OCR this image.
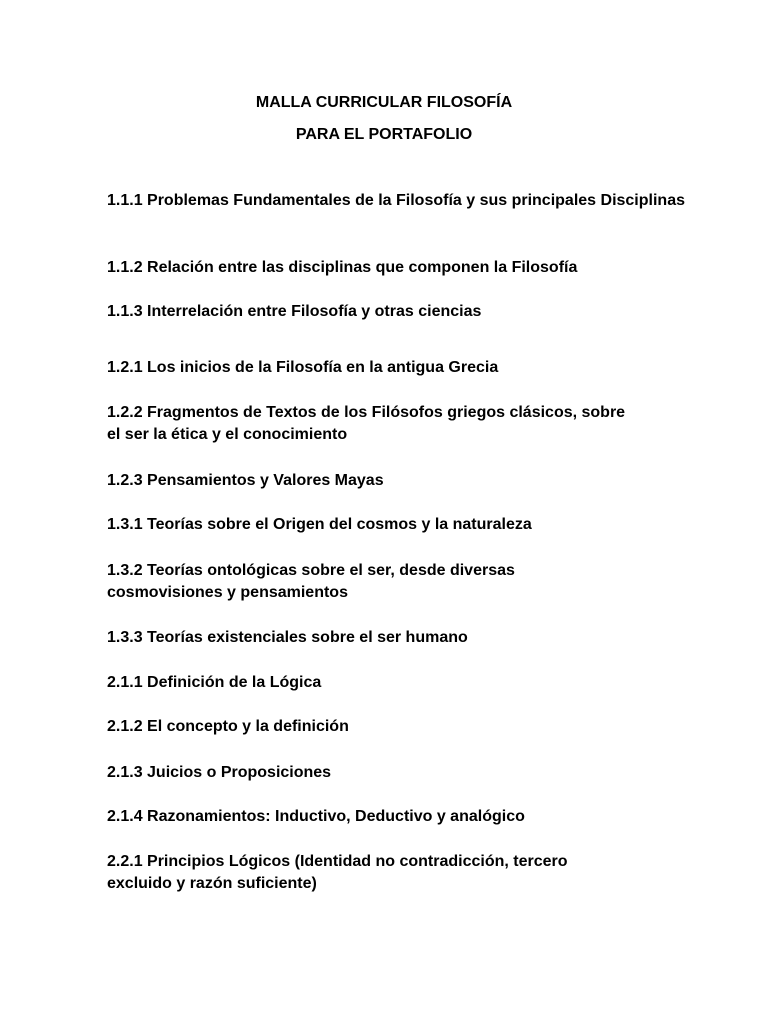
MALLA CURRICULAR FILOSOFÍA
PARA EL PORTAFOLIO
1.1.1 Problemas Fundamentales de la Filosofía y sus principales Disciplinas
1.1.2 Relación entre las disciplinas que componen la Filosofía
1.1.3 Interrelación entre Filosofía y otras ciencias
1.2.1 Los inicios de la Filosofía en la antigua Grecia
1.2.2 Fragmentos de Textos de los Filósofos griegos clásicos, sobre el ser la ética y el conocimiento
1.2.3 Pensamientos y Valores Mayas
1.3.1 Teorías sobre el Origen del cosmos y la naturaleza
1.3.2 Teorías ontológicas sobre el ser, desde diversas cosmovisiones y pensamientos
1.3.3 Teorías existenciales sobre el ser humano
2.1.1 Definición de la Lógica
2.1.2 El concepto y la definición
2.1.3 Juicios o Proposiciones
2.1.4 Razonamientos: Inductivo, Deductivo y analógico
2.2.1 Principios Lógicos (Identidad no contradicción, tercero excluido y razón suficiente)
